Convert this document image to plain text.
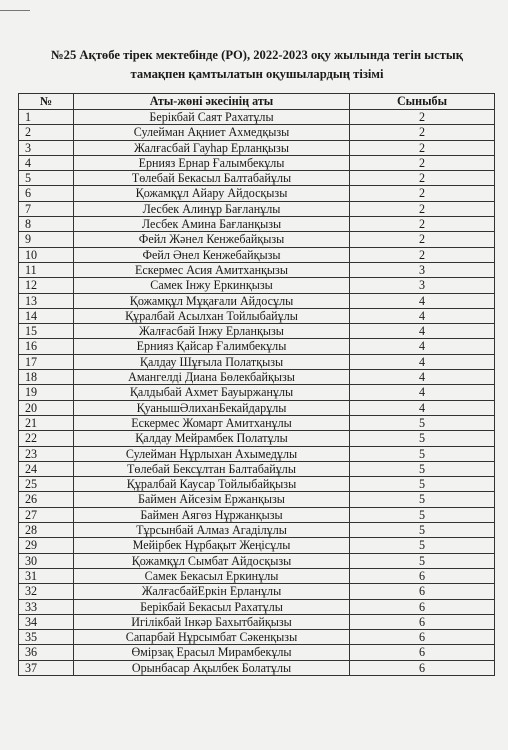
№25 Ақтөбе тірек мектебінде (РО), 2022-2023 оқу жылында тегін ыстық
тамақпен қамтылатын оқушылардың тізімі
№	Аты-жөні әкесінің аты	Сыныбы
1	Берікбай Саят Рахатұлы	2
2	Сулейман Ақниет Ахмедқызы	2
3	Жалғасбай Гауһар Ерланқызы	2
4	Ернияз Ернар Ғалымбекұлы	2
5	Төлебай Бекасыл Балтабайұлы	2
6	Қожамқұл Айару Айдосқызы	2
7	Лесбек Алинұр Бағланұлы	2
8	Лесбек Амина Бағланқызы	2
9	Фейл Жәнел Кенжебайқызы	2
10	Фейл Әнел Кенжебайқызы	2
11	Ескермес Асия Амитханқызы	3
12	Самек Інжу Еркинқызы	3
13	Қожамқұл Мұқағали Айдосұлы	4
14	Құралбай Асылхан Тойлыбайұлы	4
15	Жалғасбай Інжу Ерланқызы	4
16	Ернияз Қайсар Ғалимбекұлы	4
17	Қалдау Шұғыла Полатқызы	4
18	Амангелді Диана Бөлекбайқызы	4
19	Қалдыбай Ахмет Бауыржанұлы	4
20	ҚуанышӘлиханБекайдарұлы	4
21	Ескермес Жомарт Амитханұлы	5
22	Қалдау Мейрамбек Полатұлы	5
23	Сулейман Нұрлыхан Ахымедұлы	5
24	Төлебай Бексұлтан Балтабайұлы	5
25	Құралбай Каусар Тойлыбайқызы	5
26	Баймен Айсезім Ержанқызы	5
27	Баймен Аягөз Нұржанқызы	5
28	Тұрсынбай Алмаз Агаділұлы	5
29	Мейірбек Нұрбақыт Жеңісұлы	5
30	Қожамқұл Сымбат Айдосқызы	5
31	Самек Бекасыл Еркинұлы	6
32	ЖалғасбайЕркін Ерланұлы	6
33	Берікбай Бекасыл Рахатұлы	6
34	Игілікбай Інкәр Бахытбайқызы	6
35	Сапарбай Нұрсымбат Сәкенқызы	6
36	Өмірзақ Ерасыл Мирамбекұлы	6
37	Орынбасар Ақылбек Болатұлы	6
